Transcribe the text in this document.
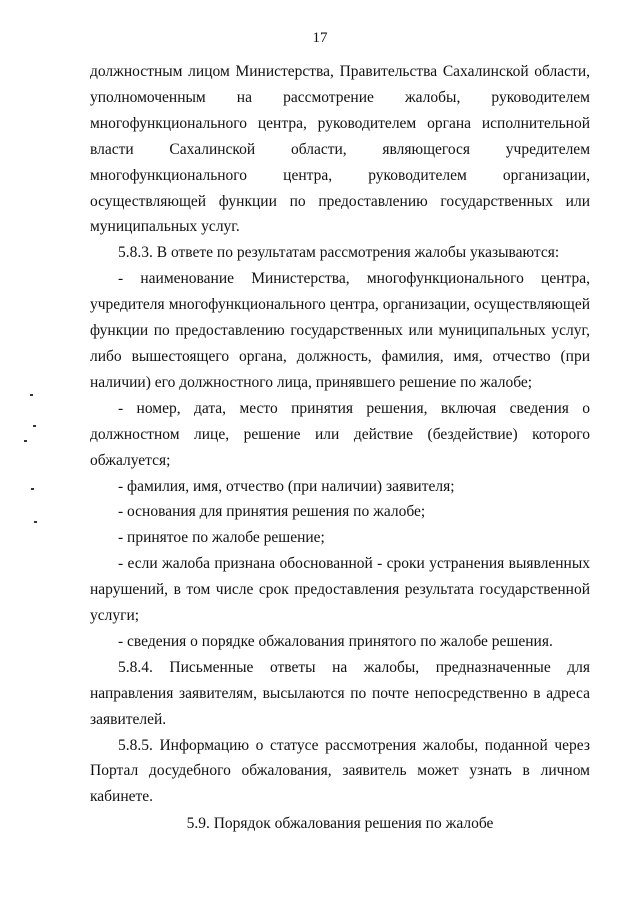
17

должностным лицом Министерства, Правительства Сахалинской области, уполномоченным на рассмотрение жалобы, руководителем многофункционального центра, руководителем органа исполнительной власти Сахалинской области, являющегося учредителем многофункционального центра, руководителем организации, осуществляющей функции по предоставлению государственных или муниципальных услуг.

5.8.3. В ответе по результатам рассмотрения жалобы указываются:

- наименование Министерства, многофункционального центра, учредителя многофункционального центра, организации, осуществляющей функции по предоставлению государственных или муниципальных услуг, либо вышестоящего органа, должность, фамилия, имя, отчество (при наличии) его должностного лица, принявшего решение по жалобе;

- номер, дата, место принятия решения, включая сведения о должностном лице, решение или действие (бездействие) которого обжалуется;

- фамилия, имя, отчество (при наличии) заявителя;

- основания для принятия решения по жалобе;

- принятое по жалобе решение;

- если жалоба признана обоснованной - сроки устранения выявленных нарушений, в том числе срок предоставления результата государственной услуги;

- сведения о порядке обжалования принятого по жалобе решения.

5.8.4. Письменные ответы на жалобы, предназначенные для направления заявителям, высылаются по почте непосредственно в адреса заявителей.

5.8.5. Информацию о статусе рассмотрения жалобы, поданной через Портал досудебного обжалования, заявитель может узнать в личном кабинете.

5.9. Порядок обжалования решения по жалобе
